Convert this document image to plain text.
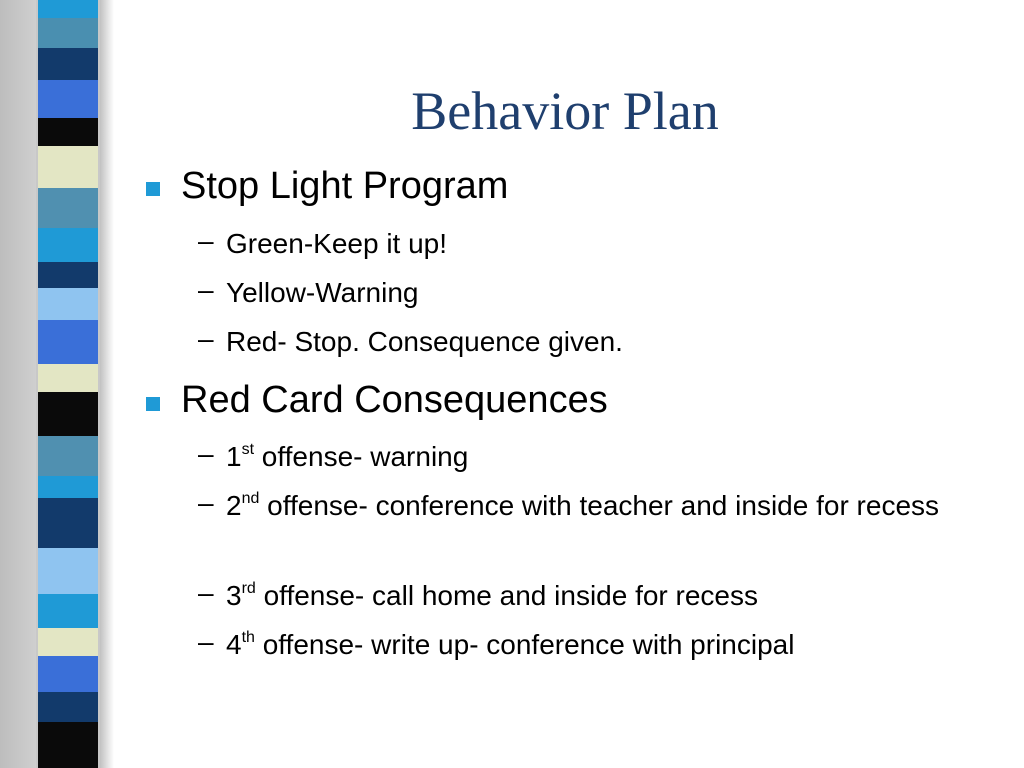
Behavior Plan
Stop Light Program
– Green-Keep it up!
– Yellow-Warning
– Red- Stop. Consequence given.
Red Card Consequences
– 1st offense- warning
– 2nd offense- conference with teacher and inside for recess
– 3rd offense- call home and inside for recess
– 4th offense- write up- conference with principal
